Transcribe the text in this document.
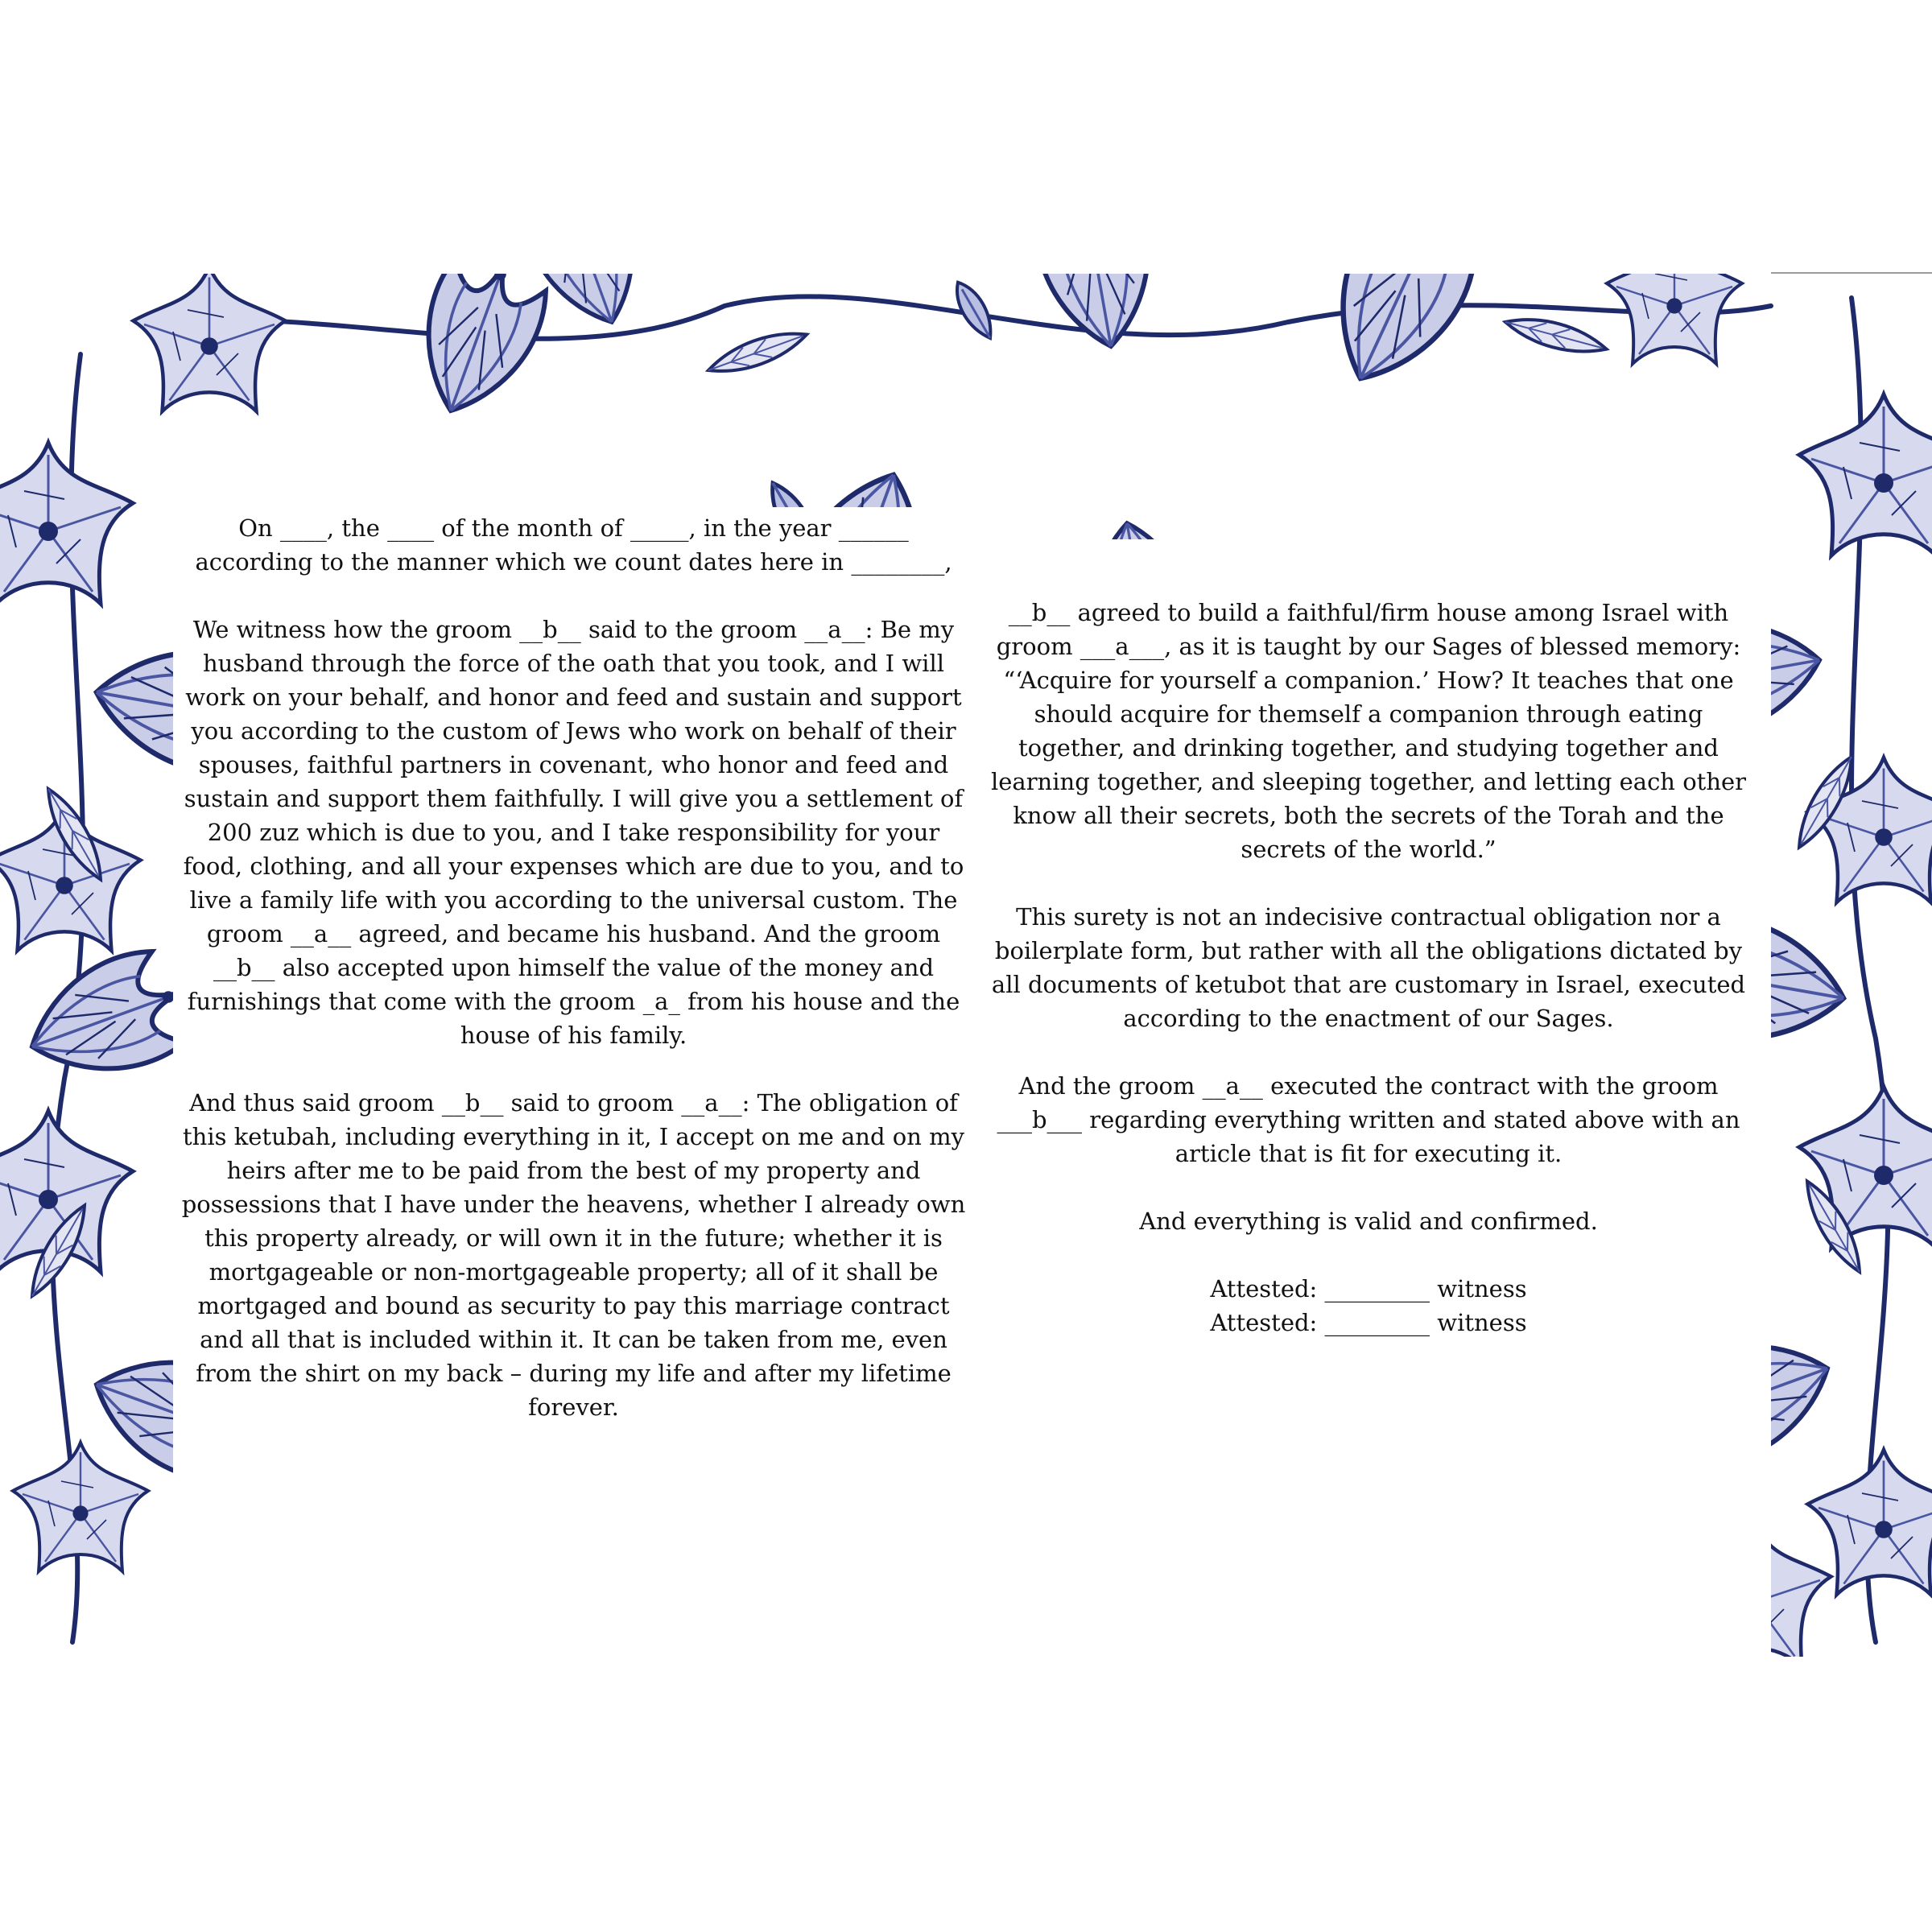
On ____, the ____ of the month of _____, in the year ______

according to the manner which we count dates here in ________,

We witness how the groom __b__ said to the groom __a__: Be my husband through the force of the oath that you took, and I will work on your behalf, and honor and feed and sustain and support you according to the custom of Jews who work on behalf of their spouses, faithful partners in covenant, who honor and feed and sustain and support them faithfully. I will give you a settlement of 200 zuz which is due to you, and I take responsibility for your food, clothing, and all your expenses which are due to you, and to live a family life with you according to the universal custom. The groom __a__ agreed, and became his husband. And the groom __b__ also accepted upon himself the value of the money and furnishings that come with the groom _a_ from his house and the house of his family.

And thus said groom __b__ said to groom __a__: The obligation of this ketubah, including everything in it, I accept on me and on my heirs after me to be paid from the best of my property and possessions that I have under the heavens, whether I already own this property already, or will own it in the future; whether it is mortgageable or non-mortgageable property; all of it shall be mortgaged and bound as security to pay this marriage contract and all that is included within it. It can be taken from me, even from the shirt on my back – during my life and after my lifetime forever.

__b__ agreed to build a faithful/firm house among Israel with groom ___a___, as it is taught by our Sages of blessed memory: “‘Acquire for yourself a companion.’ How? It teaches that one should acquire for themself a companion through eating together, and drinking together, and studying together and learning together, and sleeping together, and letting each other know all their secrets, both the secrets of the Torah and the secrets of the world.”

This surety is not an indecisive contractual obligation nor a boilerplate form, but rather with all the obligations dictated by all documents of ketubot that are customary in Israel, executed according to the enactment of our Sages.

And the groom __a__ executed the contract with the groom ___b___ regarding everything written and stated above with an article that is fit for executing it.

And everything is valid and confirmed.

Attested: _________ witness

Attested: _________ witness
